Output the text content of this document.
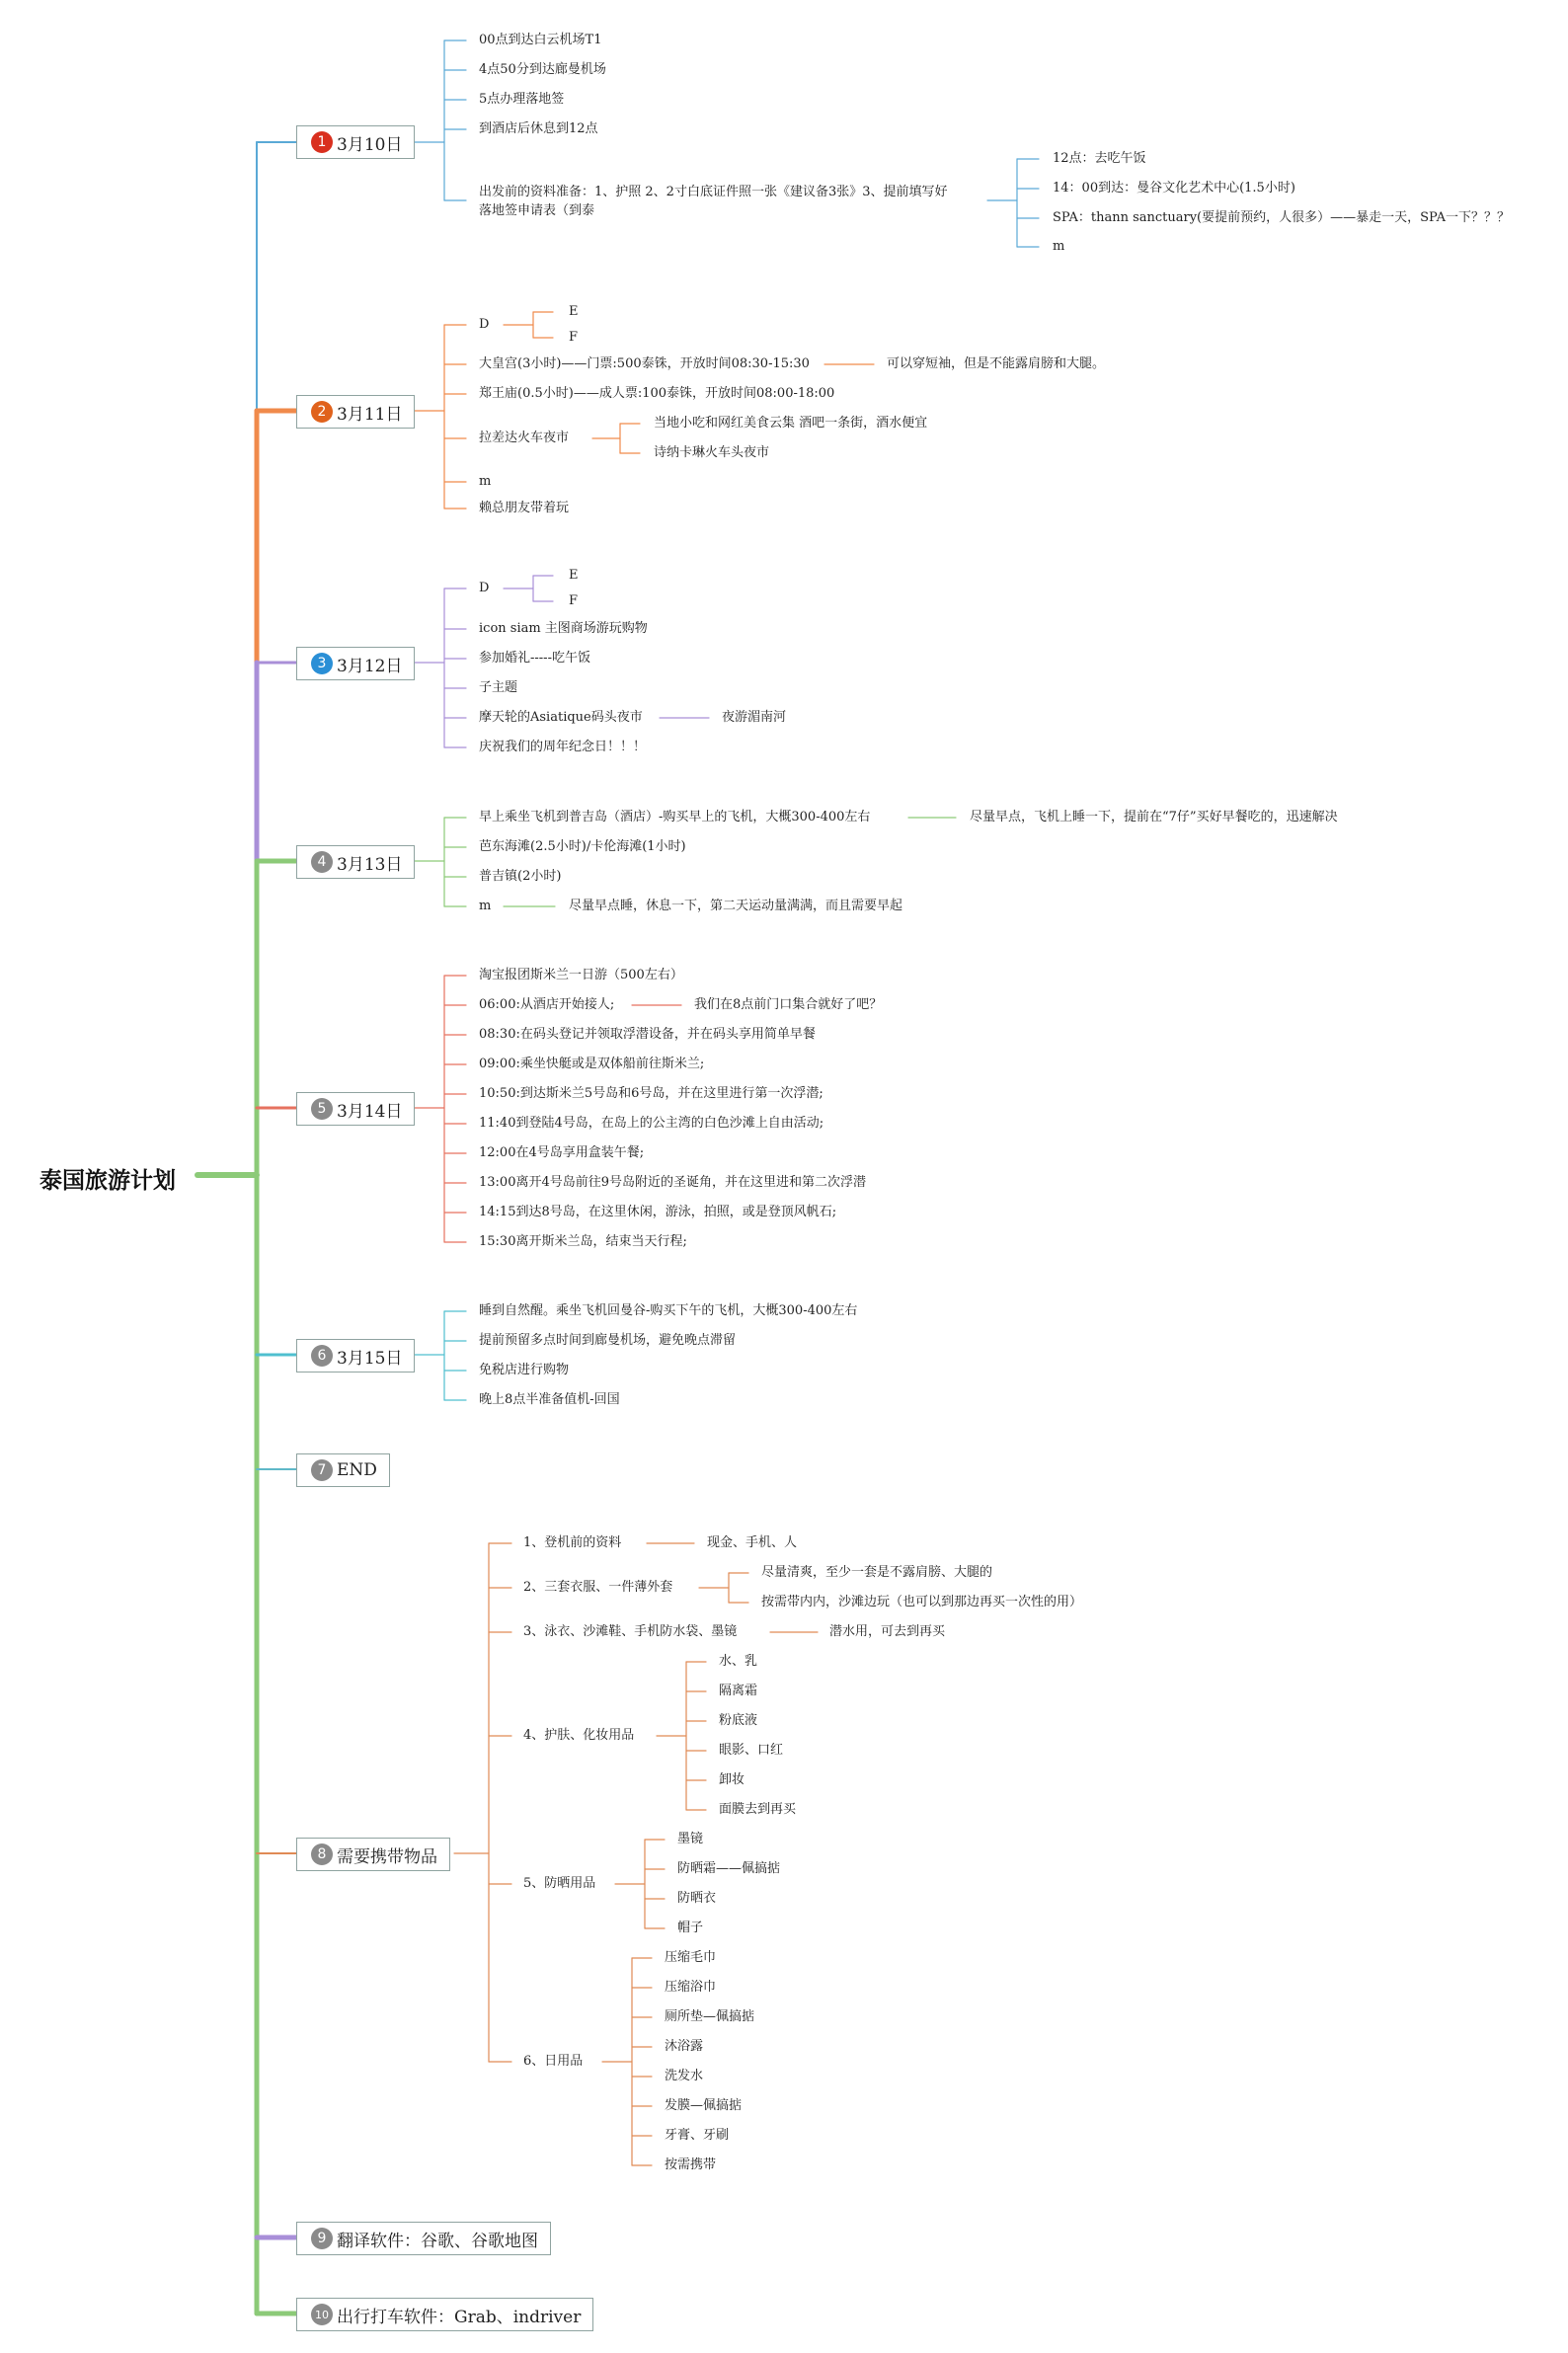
泰国旅游计划
1 3月10日
2 3月11日
3 3月12日
4 3月13日
5 3月14日
6 3月15日
7 END
8 需要携带物品
9 翻译软件：谷歌、谷歌地图
10 出行打车软件：Grab、indriver
00点到达白云机场T1
4点50分到达廊曼机场
5点办理落地签
到酒店后休息到12点
出发前的资料准备：1、护照 2、2寸白底证件照一张《建议备3张》3、提前填写好
落地签申请表（到泰
12点：去吃午饭
14：00到达：曼谷文化艺术中心(1.5小时)
SPA：thann sanctuary(要提前预约，人很多）——暴走一天，SPA一下？？？
m
D
E
F
大皇宫(3小时)——门票:500泰铢，开放时间08:30-15:30	可以穿短袖，但是不能露肩膀和大腿。
郑王庙(0.5小时)——成人票:100泰铢，开放时间08:00-18:00
拉差达火车夜市
当地小吃和网红美食云集 酒吧一条街，酒水便宜
诗纳卡琳火车头夜市
m
赖总朋友带着玩
D
E
F
icon siam 主图商场游玩购物
参加婚礼-----吃午饭
子主题
摩天轮的Asiatique码头夜市	夜游湄南河
庆祝我们的周年纪念日！！！
早上乘坐飞机到普吉岛（酒店）-购买早上的飞机，大概300-400左右	尽量早点，飞机上睡一下，提前在“7仔”买好早餐吃的，迅速解决
芭东海滩(2.5小时)/卡伦海滩(1小时)
普吉镇(2小时)
m	尽量早点睡，休息一下，第二天运动量满满，而且需要早起
淘宝报团斯米兰一日游（500左右）
06:00:从酒店开始接人;	我们在8点前门口集合就好了吧？
08:30:在码头登记并领取浮潜设备，并在码头享用简单早餐
09:00:乘坐快艇或是双体船前往斯米兰;
10:50:到达斯米兰5号岛和6号岛，并在这里进行第一次浮潜;
11:40到登陆4号岛，在岛上的公主湾的白色沙滩上自由活动;
12:00在4号岛享用盒装午餐;
13:00离开4号岛前往9号岛附近的圣诞角，并在这里进和第二次浮潜
14:15到达8号岛，在这里休闲，游泳，拍照，或是登顶风帆石;
15:30离开斯米兰岛，结束当天行程;
睡到自然醒。乘坐飞机回曼谷-购买下午的飞机，大概300-400左右
提前预留多点时间到廊曼机场，避免晚点滞留
免税店进行购物
晚上8点半准备值机-回国
1、登机前的资料	现金、手机、人
2、三套衣服、一件薄外套
尽量清爽，至少一套是不露肩膀、大腿的
按需带内内，沙滩边玩（也可以到那边再买一次性的用）
3、泳衣、沙滩鞋、手机防水袋、墨镜	潜水用，可去到再买
4、护肤、化妆用品
水、乳
隔离霜
粉底液
眼影、口红
卸妆
面膜去到再买
5、防晒用品
墨镜
防晒霜——佩搞掂
防晒衣
帽子
6、日用品
压缩毛巾
压缩浴巾
厕所垫—佩搞掂
沐浴露
洗发水
发膜—佩搞掂
牙膏、牙刷
按需携带
